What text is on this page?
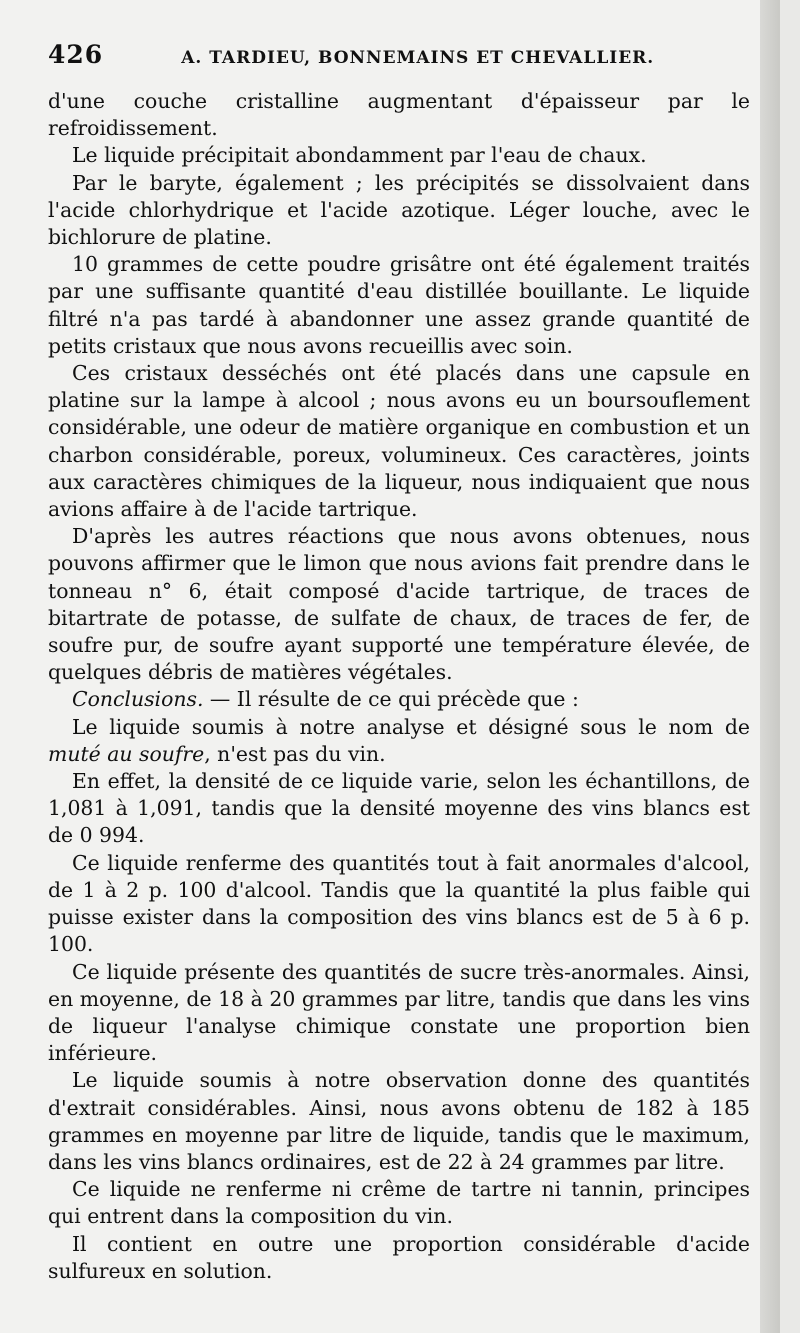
426	A. TARDIEU, BONNEMAINS ET CHEVALLIER.

d'une couche cristalline augmentant d'épaisseur par le refroidissement.

Le liquide précipitait abondamment par l'eau de chaux.

Par le baryte, également ; les précipités se dissolvaient dans l'acide chlorhydrique et l'acide azotique. Léger louche, avec le bichlorure de platine.

10 grammes de cette poudre grisâtre ont été également traités par une suffisante quantité d'eau distillée bouillante. Le liquide filtré n'a pas tardé à abandonner une assez grande quantité de petits cristaux que nous avons recueillis avec soin.

Ces cristaux desséchés ont été placés dans une capsule en platine sur la lampe à alcool ; nous avons eu un boursouflement considérable, une odeur de matière organique en combustion et un charbon considérable, poreux, volumineux. Ces caractères, joints aux caractères chimiques de la liqueur, nous indiquaient que nous avions affaire à de l'acide tartrique.

D'après les autres réactions que nous avons obtenues, nous pouvons affirmer que le limon que nous avions fait prendre dans le tonneau n° 6, était composé d'acide tartrique, de traces de bitartrate de potasse, de sulfate de chaux, de traces de fer, de soufre pur, de soufre ayant supporté une température élevée, de quelques débris de matières végétales.

Conclusions. — Il résulte de ce qui précède que :

Le liquide soumis à notre analyse et désigné sous le nom de muté au soufre, n'est pas du vin.

En effet, la densité de ce liquide varie, selon les échantillons, de 1,081 à 1,091, tandis que la densité moyenne des vins blancs est de 0 994.

Ce liquide renferme des quantités tout à fait anormales d'alcool, de 1 à 2 p. 100 d'alcool. Tandis que la quantité la plus faible qui puisse exister dans la composition des vins blancs est de 5 à 6 p. 100.

Ce liquide présente des quantités de sucre très-anormales. Ainsi, en moyenne, de 18 à 20 grammes par litre, tandis que dans les vins de liqueur l'analyse chimique constate une proportion bien inférieure.

Le liquide soumis à notre observation donne des quantités d'extrait considérables. Ainsi, nous avons obtenu de 182 à 185 grammes en moyenne par litre de liquide, tandis que le maximum, dans les vins blancs ordinaires, est de 22 à 24 grammes par litre.

Ce liquide ne renferme ni crême de tartre ni tannin, principes qui entrent dans la composition du vin.

Il contient en outre une proportion considérable d'acide sulfureux en solution.
